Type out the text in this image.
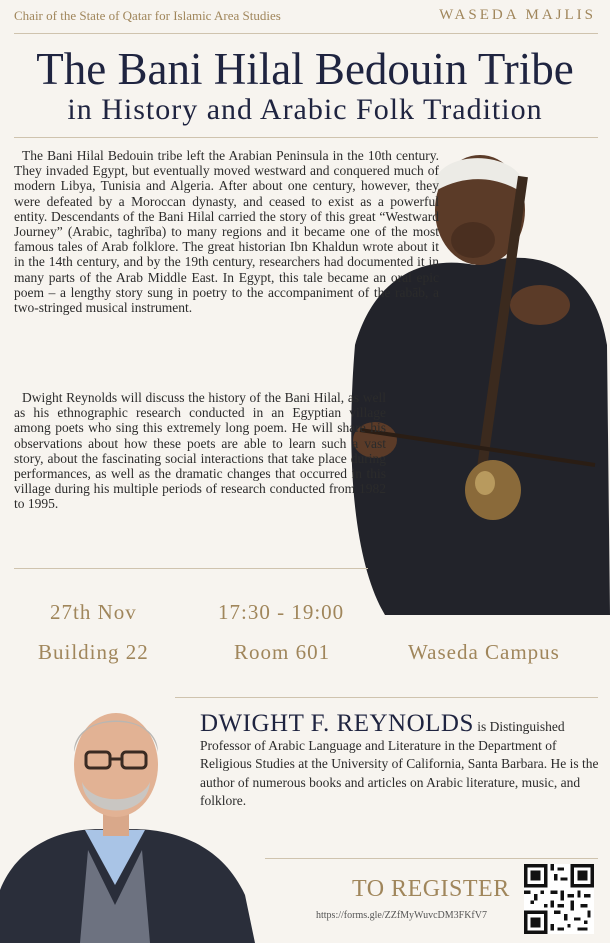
Chair of the State of Qatar for Islamic Area Studies	WASEDA MAJLIS
The Bani Hilal Bedouin Tribe
in History and Arabic Folk Tradition

The Bani Hilal Bedouin tribe left the Arabian Peninsula in the 10th century. They invaded Egypt, but eventually moved westward and conquered much of modern Libya, Tunisia and Algeria. After about one century, however, they were defeated by a Moroccan dynasty, and ceased to exist as a powerful entity. Descendants of the Bani Hilal carried the story of this great “Westward Journey” (Arabic, taghrība) to many regions and it became one of the most famous tales of Arab folklore. The great historian Ibn Khaldun wrote about it in the 14th century, and by the 19th century, researchers had documented it in many parts of the Arab Middle East. In Egypt, this tale became an oral epic poem – a lengthy story sung in poetry to the accompaniment of the rabāb, a two-stringed musical instrument.

Dwight Reynolds will discuss the history of the Bani Hilal, as well as his ethnographic research conducted in an Egyptian village among poets who sing this extremely long poem. He will share his observations about how these poets are able to learn such a vast story, about the fascinating social interactions that take place during performances, as well as the dramatic changes that occurred in this village during his multiple periods of research conducted from 1982 to 1995.

27th Nov	17:30 - 19:00
Building 22	Room 601	Waseda Campus
DWIGHT F. REYNOLDS is Distinguished
Professor of Arabic Language and Literature in the Department of Religious Studies at the University of California, Santa Barbara. He is the author of numerous books and articles on Arabic literature, music, and folklore.
TO REGISTER
https://forms.gle/ZZfMyWuvcDM3FKfV7
